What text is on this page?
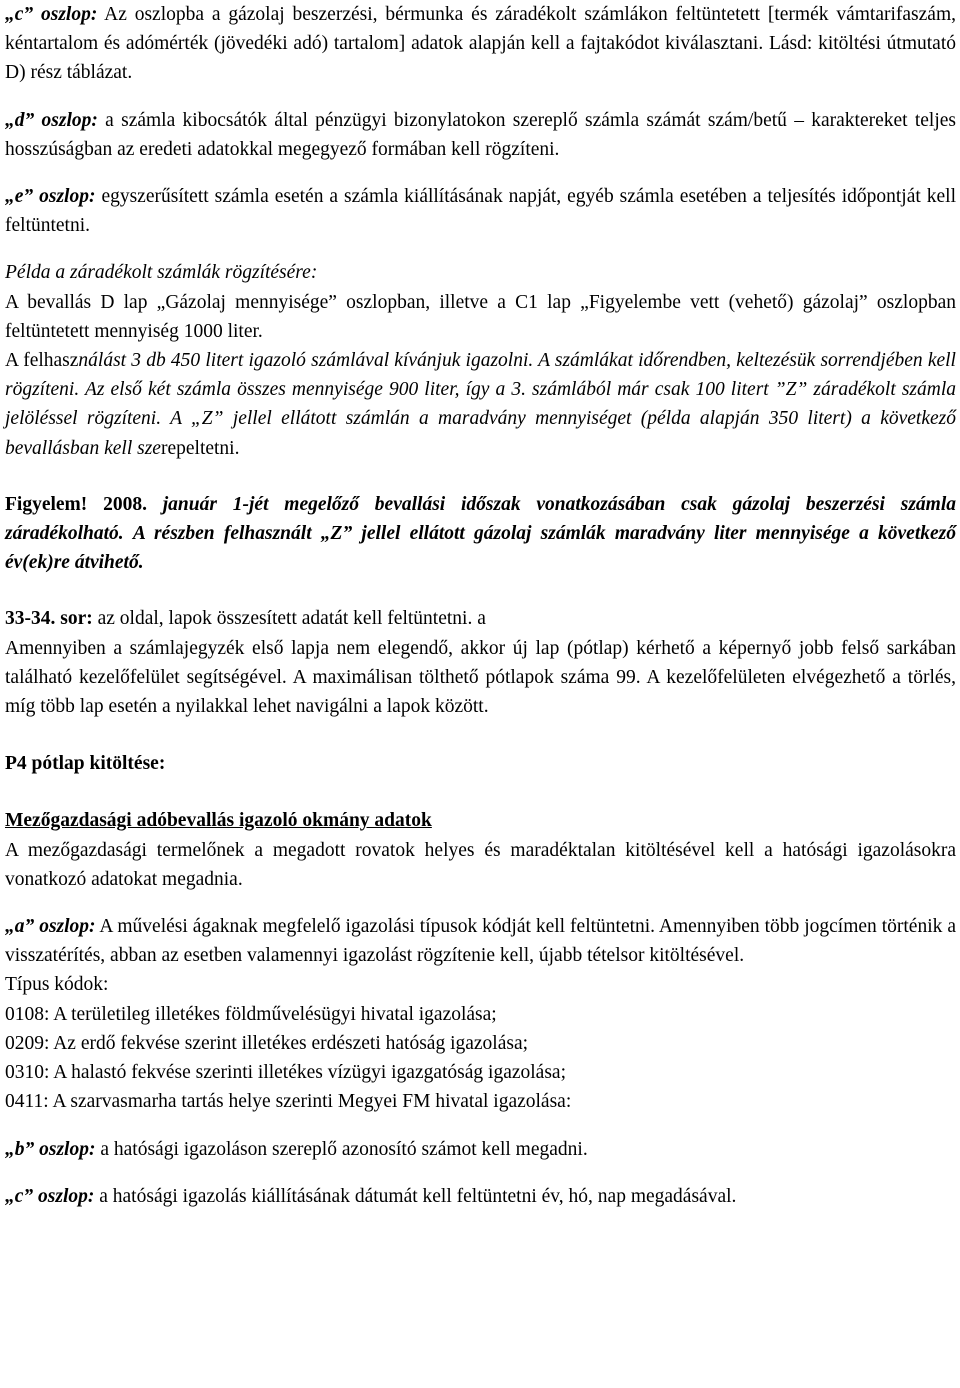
„c” oszlop: Az oszlopba a gázolaj beszerzési, bérmunka és záradékolt számlákon feltüntetett [termék vámtarifaszám, kéntartalom és adómérték (jövedéki adó) tartalom] adatok alapján kell a fajtakódot kiválasztani. Lásd: kitöltési útmutató D) rész táblázat.

„d” oszlop: a számla kibocsátók által pénzügyi bizonylatokon szereplő számla számát szám/betű – karaktereket teljes hosszúságban az eredeti adatokkal megegyező formában kell rögzíteni.

„e” oszlop: egyszerűsített számla esetén a számla kiállításának napját, egyéb számla esetében a teljesítés időpontját kell feltüntetni.

Példa a záradékolt számlák rögzítésére:

A bevallás D lap „Gázolaj mennyisége” oszlopban, illetve a C1 lap „Figyelembe vett (vehető) gázolaj” oszlopban feltüntetett mennyiség 1000 liter.

A felhasználást 3 db 450 litert igazoló számlával kívánjuk igazolni. A számlákat időrendben, keltezésük sorrendjében kell rögzíteni. Az első két számla összes mennyisége 900 liter, így a 3. számlából már csak 100 litert ”Z” záradékolt számla jelöléssel rögzíteni. A „Z” jellel ellátott számlán a maradvány mennyiséget (példa alapján 350 litert) a következő bevallásban kell szerepeltetni.

Figyelem! 2008. január 1-jét megelőző bevallási időszak vonatkozásában csak gázolaj beszerzési számla záradékolható. A részben felhasznált „Z” jellel ellátott gázolaj számlák maradvány liter mennyisége a következő év(ek)re átvihető.

33-34. sor: az oldal, lapok összesített adatát kell feltüntetni. a

Amennyiben a számlajegyzék első lapja nem elegendő, akkor új lap (pótlap) kérhető a képernyő jobb felső sarkában található kezelőfelület segítségével. A maximálisan tölthető pótlapok száma 99. A kezelőfelületen elvégezhető a törlés, míg több lap esetén a nyilakkal lehet navigálni a lapok között.

P4 pótlap kitöltése:

Mezőgazdasági adóbevallás igazoló okmány adatok

A mezőgazdasági termelőnek a megadott rovatok helyes és maradéktalan kitöltésével kell a hatósági igazolásokra vonatkozó adatokat megadnia.

„a” oszlop: A művelési ágaknak megfelelő igazolási típusok kódját kell feltüntetni. Amennyiben több jogcímen történik a visszatérítés, abban az esetben valamennyi igazolást rögzítenie kell, újabb tételsor kitöltésével.

Típus kódok:

0108: A területileg illetékes földművelésügyi hivatal igazolása;

0209: Az erdő fekvése szerint illetékes erdészeti hatóság igazolása;

0310: A halastó fekvése szerinti illetékes vízügyi igazgatóság igazolása;

0411: A szarvasmarha tartás helye szerinti Megyei FM hivatal igazolása:

„b” oszlop: a hatósági igazoláson szereplő azonosító számot kell megadni.

„c” oszlop: a hatósági igazolás kiállításának dátumát kell feltüntetni év, hó, nap megadásával.
